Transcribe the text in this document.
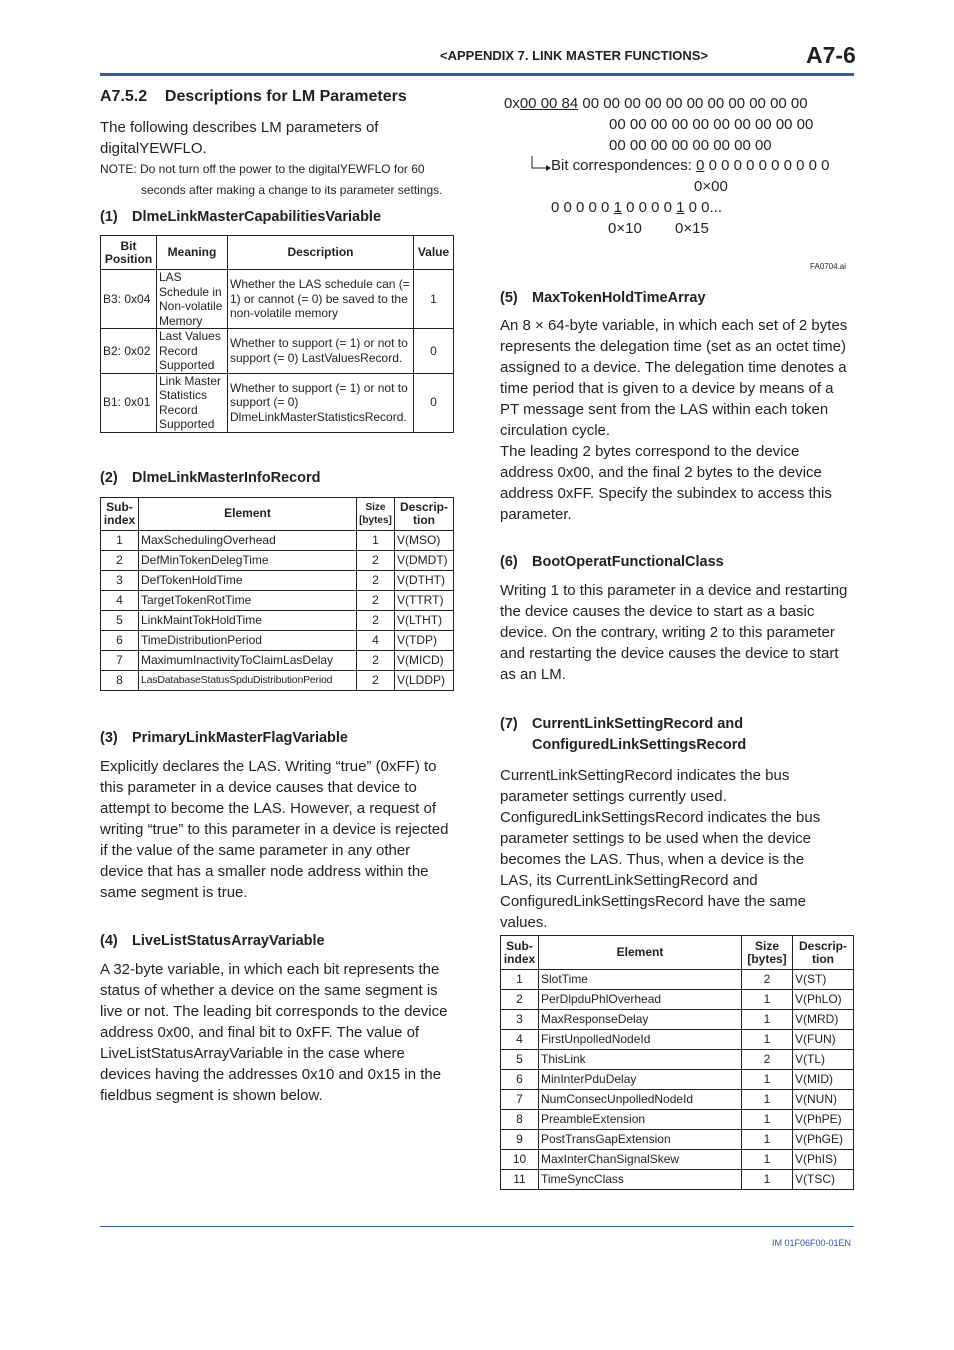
<APPENDIX 7. LINK MASTER FUNCTIONS>	A7-6
A7.5.2    Descriptions for LM Parameters

The following describes LM parameters of digitalYEWFLO.

NOTE: Do not turn off the power to the digitalYEWFLO for 60
seconds after making a change to its parameter settings.
(1) DlmeLinkMasterCapabilitiesVariable
Bit Position	Meaning	Description	Value
B3: 0x04	LAS Schedule in Non-volatile Memory	Whether the LAS schedule can (= 1) or cannot (= 0) be saved to the non-volatile memory	1
B2: 0x02	Last Values Record Supported	Whether to support (= 1) or not to support (= 0) LastValuesRecord.	0
B1: 0x01	Link Master Statistics Record Supported	Whether to support (= 1) or not to support (= 0) DlmeLinkMasterStatisticsRecord.	0
(2) DlmeLinkMasterInfoRecord
Sub-index	Element	Size [bytes]	Descrip-tion
1	MaxSchedulingOverhead	1	V(MSO)
2	DefMinTokenDelegTime	2	V(DMDT)
3	DefTokenHoldTime	2	V(DTHT)
4	TargetTokenRotTime	2	V(TTRT)
5	LinkMaintTokHoldTime	2	V(LTHT)
6	TimeDistributionPeriod	4	V(TDP)
7	MaximumInactivityToClaimLasDelay	2	V(MICD)
8	LasDatabaseStatusSpduDistributionPeriod	2	V(LDDP)
(3) PrimaryLinkMasterFlagVariable

Explicitly declares the LAS. Writing “true” (0xFF) to this parameter in a device causes that device to attempt to become the LAS. However, a request of writing “true” to this parameter in a device is rejected if the value of the same parameter in any other device that has a smaller node address within the same segment is true.

(4) LiveListStatusArrayVariable

A 32-byte variable, in which each bit represents the status of whether a device on the same segment is live or not. The leading bit corresponds to the device address 0x00, and final bit to 0xFF. The value of LiveListStatusArrayVariable in the case where devices having the addresses 0x10 and 0x15 in the fieldbus segment is shown below.

0x00 00 84 00 00 00 00 00 00 00 00 00 00 00
00 00 00 00 00 00 00 00 00 00
00 00 00 00 00 00 00 00
Bit correspondences: 0 0 0 0 0 0 0 0 0 0 0
0×00
0 0 0 0 0 1 0 0 0 0 1 0 0...
0×10 0×15
FA0704.ai
(5) MaxTokenHoldTimeArray

An 8 × 64-byte variable, in which each set of 2 bytes represents the delegation time (set as an octet time) assigned to a device. The delegation time denotes a time period that is given to a device by means of a PT message sent from the LAS within each token circulation cycle.

The leading 2 bytes correspond to the device address 0x00, and the final 2 bytes to the device address 0xFF. Specify the subindex to access this parameter.

(6) BootOperatFunctionalClass

Writing 1 to this parameter in a device and restarting the device causes the device to start as a basic device. On the contrary, writing 2 to this parameter and restarting the device causes the device to start as an LM.

(7) CurrentLinkSettingRecord and
ConfiguredLinkSettingsRecord

CurrentLinkSettingRecord indicates the bus parameter settings currently used. ConfiguredLinkSettingsRecord indicates the bus parameter settings to be used when the device becomes the LAS. Thus, when a device is the LAS, its CurrentLinkSettingRecord and ConfiguredLinkSettingsRecord have the same values.

Sub-index	Element	Size [bytes]	Descrip-tion
1	SlotTime	2	V(ST)
2	PerDlpduPhlOverhead	1	V(PhLO)
3	MaxResponseDelay	1	V(MRD)
4	FirstUnpolledNodeId	1	V(FUN)
5	ThisLink	2	V(TL)
6	MinInterPduDelay	1	V(MID)
7	NumConsecUnpolledNodeId	1	V(NUN)
8	PreambleExtension	1	V(PhPE)
9	PostTransGapExtension	1	V(PhGE)
10	MaxInterChanSignalSkew	1	V(PhIS)
11	TimeSyncClass	1	V(TSC)
IM 01F06F00-01EN
